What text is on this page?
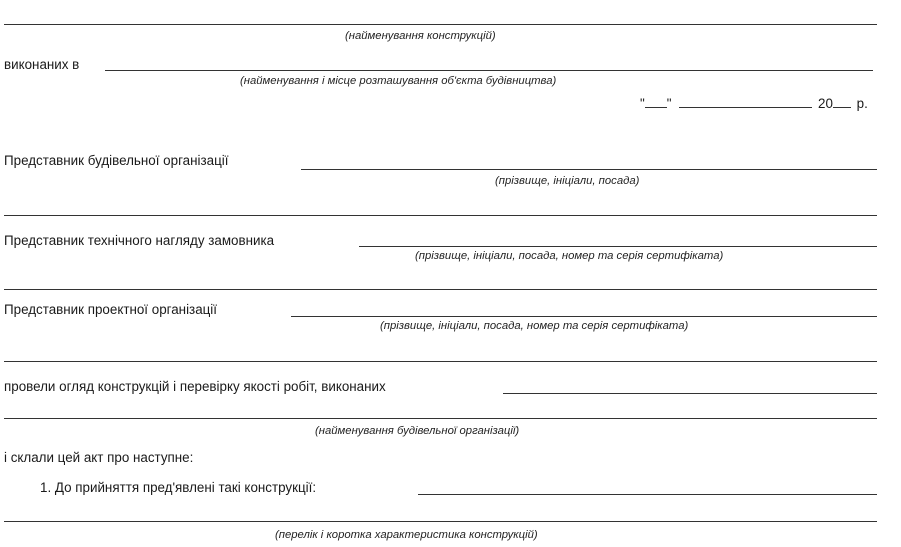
(найменування конструкцій)
виконаних в
(найменування і місце розташування об'єкта будівництва)
" "	20 р.
Представник будівельної організації
(прізвище, ініціали, посада)
Представник технічного нагляду замовника
(прізвище, ініціали, посада, номер та серія сертифіката)
Представник проектної організації
(прізвище, ініціали, посада, номер та серія сертифіката)
провели огляд конструкцій і перевірку якості робіт, виконаних
(найменування будівельної організації)
і склали цей акт про наступне:
1. До прийняття пред'явлені такі конструкції:
(перелік і коротка характеристика конструкцій)
